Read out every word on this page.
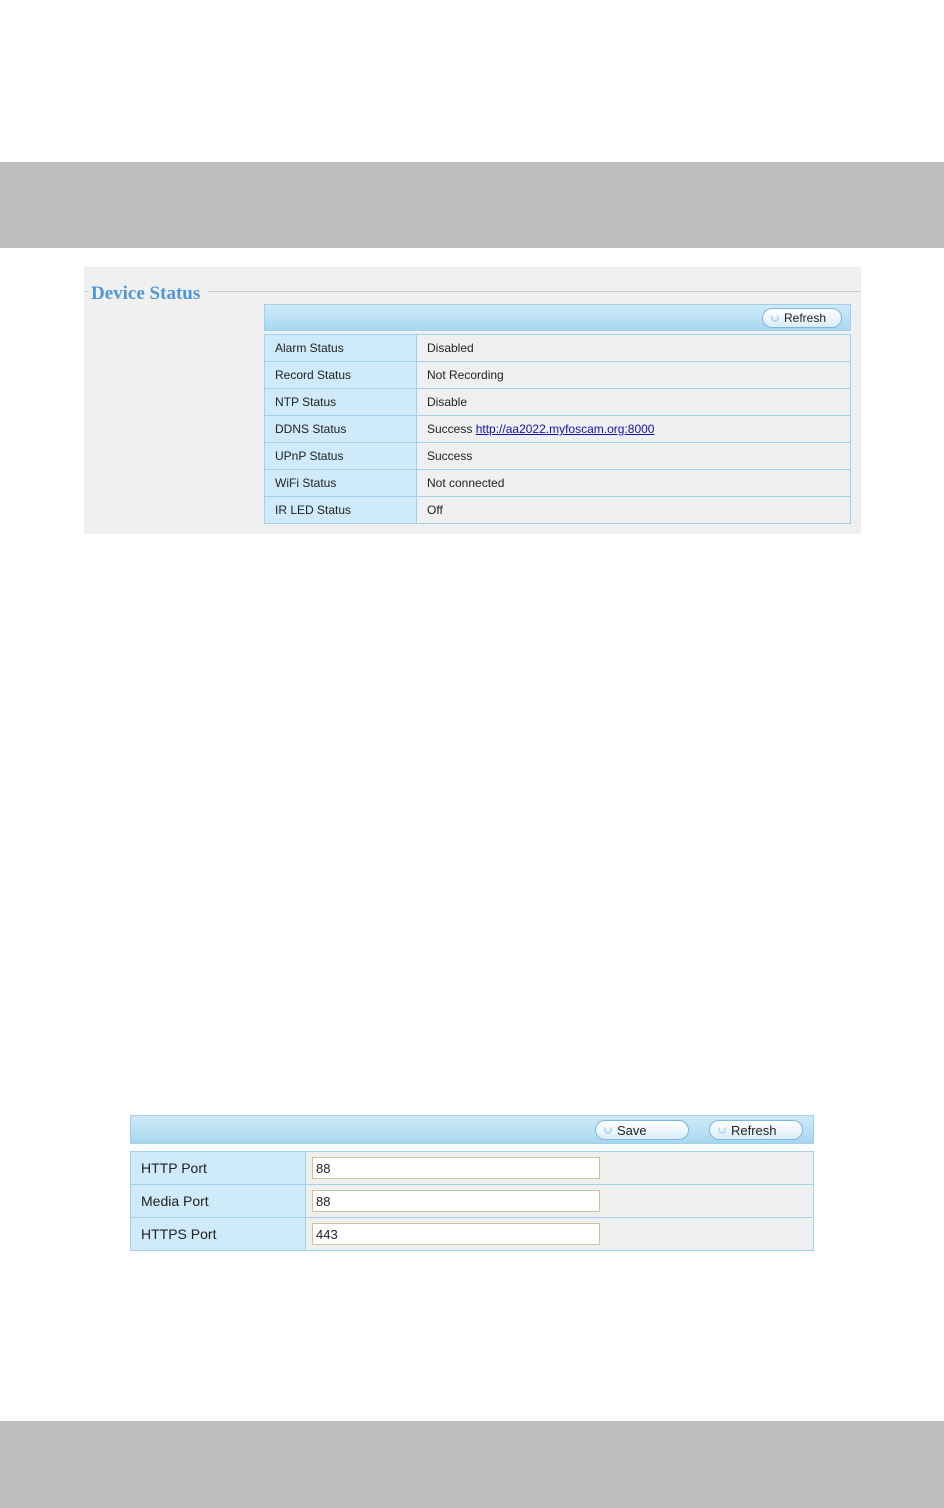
Device Status
Refresh
Alarm Status	Disabled
Record Status	Not Recording
NTP Status	Disable
DDNS Status	Success http://aa2022.myfoscam.org:8000
UPnP Status	Success
WiFi Status	Not connected
IR LED Status	Off
Save	Refresh
HTTP Port	88
Media Port	88
HTTPS Port	443
